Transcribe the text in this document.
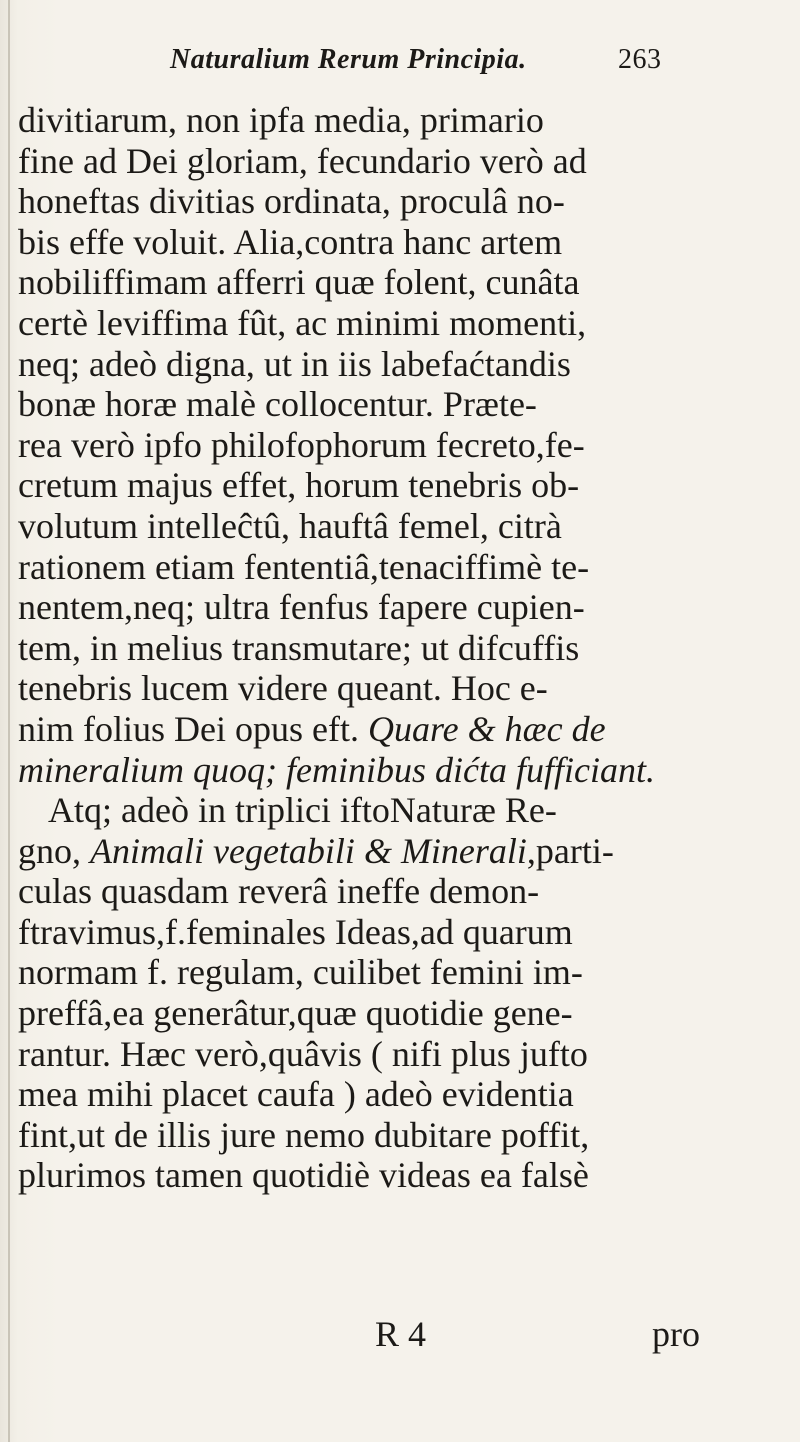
Naturalium Rerum Principia.	263
divitiarum, non ipfa media, primario
fine ad Dei gloriam, fecundario verò ad
honeftas divitias ordinata, proculâ no-
bis effe voluit. Alia,contra hanc artem
nobiliffimam afferri quæ folent, cunâta
certè leviffima fût, ac minimi momenti,
neq; adeò digna, ut in iis labefaćtandis
bonæ horæ malè collocentur. Præte-
rea verò ipfo philofophorum fecreto,fe-
cretum majus effet, horum tenebris ob-
volutum intelleĉtû, hauftâ femel, citrà
rationem etiam fententiâ,tenaciffimè te-
nentem,neq; ultra fenfus fapere cupien-
tem, in melius transmutare; ut difcuffis
tenebris lucem videre queant. Hoc e-
nim folius Dei opus eft. Quare & hæc de
mineralium quoq; feminibus dićta fufficiant.
Atq; adeò in triplici iftoNaturæ Re-
gno, Animali vegetabili & Minerali,parti-
culas quasdam reverâ ineffe demon-
ftravimus,f.feminales Ideas,ad quarum
normam f. regulam, cuilibet femini im-
preffâ,ea generâtur,quæ quotidie gene-
rantur. Hæc verò,quâvis ( nifi plus jufto
mea mihi placet caufa ) adeò evidentia
fint,ut de illis jure nemo dubitare poffit,
plurimos tamen quotidiè videas ea falsè
R 4	pro
